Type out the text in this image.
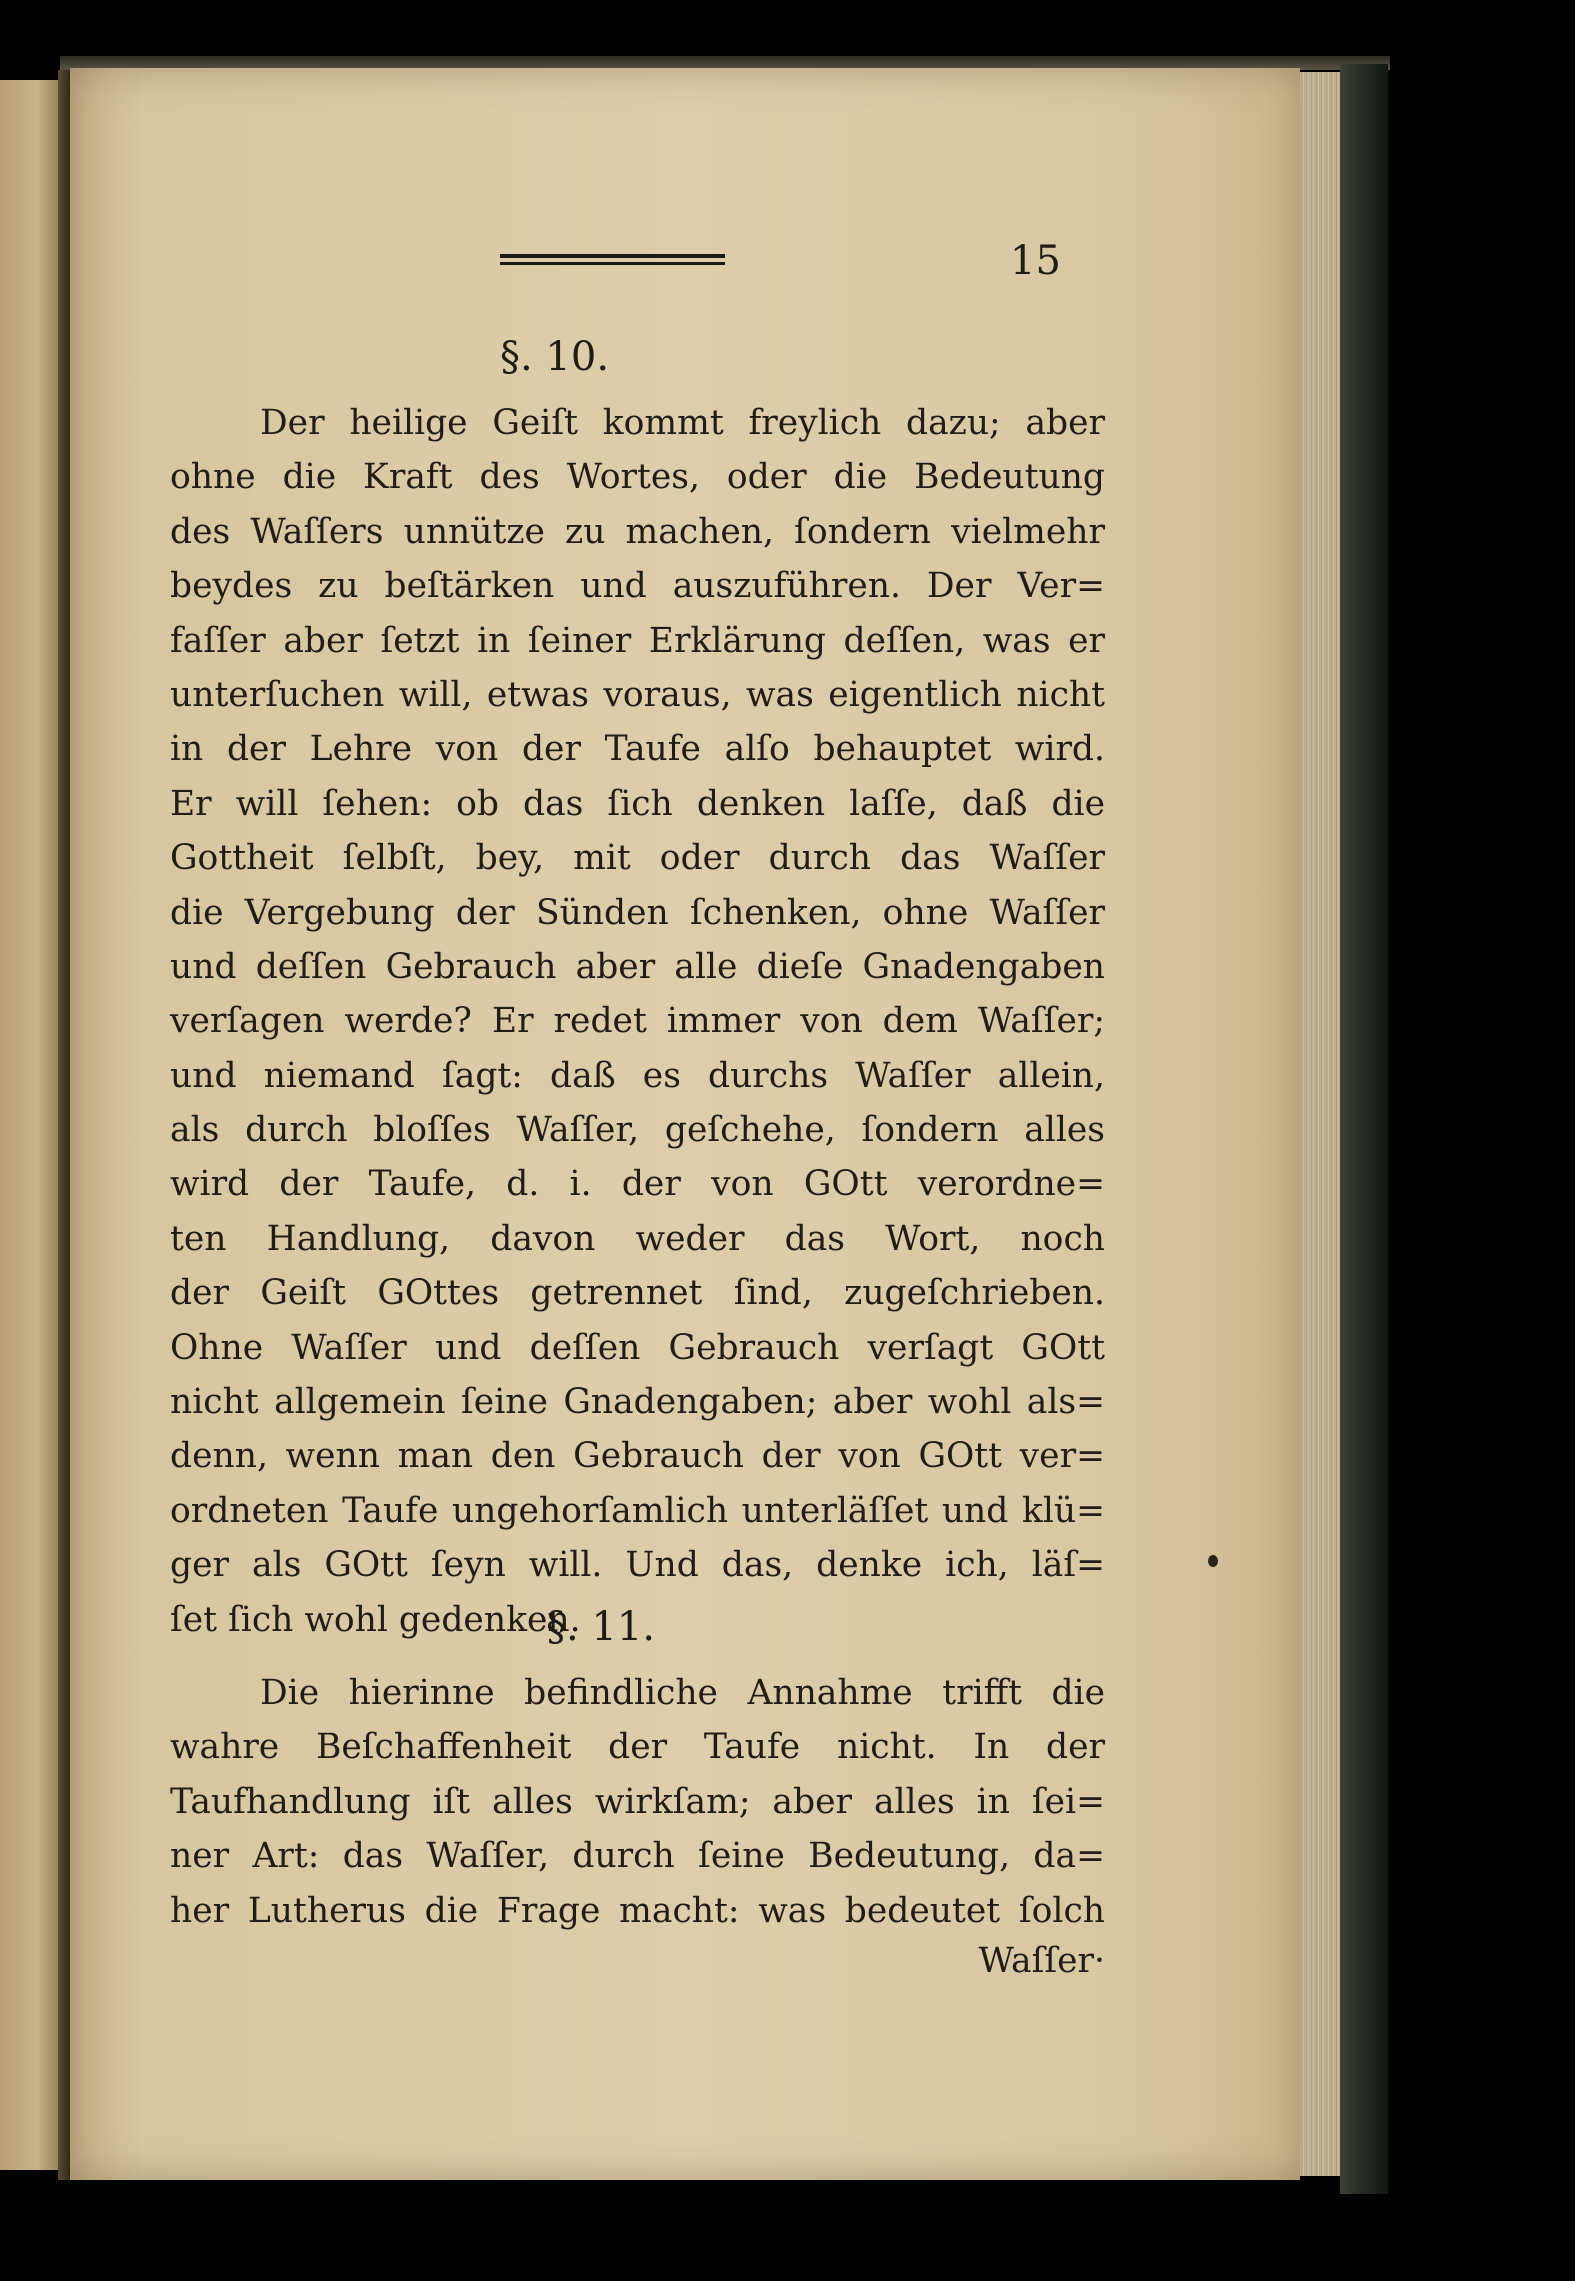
15
§. 10.
Der heilige Geiſt kommt freylich dazu; aber
ohne die Kraft des Wortes, oder die Bedeutung
des Waſſers unnütze zu machen, ſondern vielmehr
beydes zu beſtärken und auszuführen. Der Ver=
faſſer aber ſetzt in ſeiner Erklärung deſſen, was er
unterſuchen will, etwas voraus, was eigentlich nicht
in der Lehre von der Taufe alſo behauptet wird.
Er will ſehen: ob das ſich denken laſſe, daß die
Gottheit ſelbſt, bey, mit oder durch das Waſſer
die Vergebung der Sünden ſchenken, ohne Waſſer
und deſſen Gebrauch aber alle dieſe Gnadengaben
verſagen werde? Er redet immer von dem Waſſer;
und niemand ſagt: daß es durchs Waſſer allein,
als durch bloſſes Waſſer, geſchehe, ſondern alles
wird der Taufe, d. i. der von GOtt verordne=
ten Handlung, davon weder das Wort, noch
der Geiſt GOttes getrennet ſind, zugeſchrieben.
Ohne Waſſer und deſſen Gebrauch verſagt GOtt
nicht allgemein ſeine Gnadengaben; aber wohl als=
denn, wenn man den Gebrauch der von GOtt ver=
ordneten Taufe ungehorſamlich unterläſſet und klü=
ger als GOtt ſeyn will. Und das, denke ich, läſ=
ſet ſich wohl gedenken.
§. 11.
Die hierinne befindliche Annahme trifft die
wahre Beſchaffenheit der Taufe nicht. In der
Taufhandlung iſt alles wirkſam; aber alles in ſei=
ner Art: das Waſſer, durch ſeine Bedeutung, da=
her Lutherus die Frage macht: was bedeutet ſolch
Waſſer·
